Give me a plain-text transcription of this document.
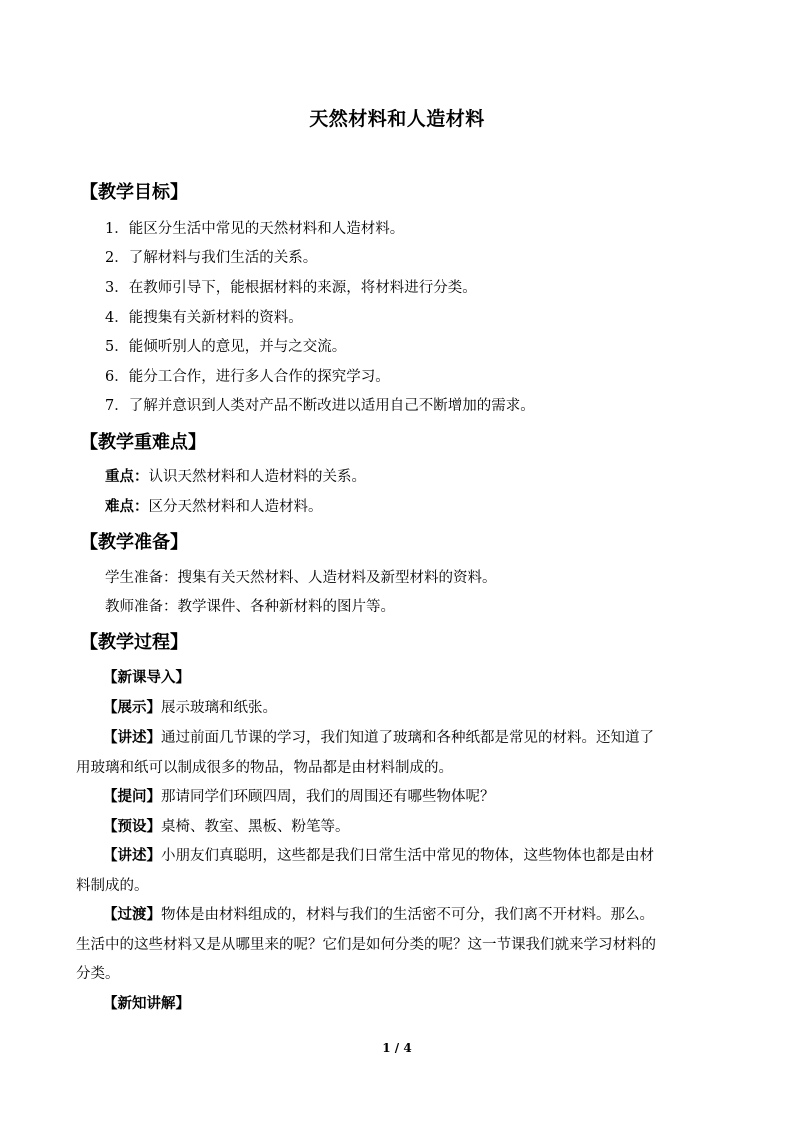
天然材料和人造材料
【教学目标】
1．能区分生活中常见的天然材料和人造材料。
2．了解材料与我们生活的关系。
3．在教师引导下，能根据材料的来源，将材料进行分类。
4．能搜集有关新材料的资料。
5．能倾听别人的意见，并与之交流。
6．能分工合作，进行多人合作的探究学习。
7．了解并意识到人类对产品不断改进以适用自己不断增加的需求。
【教学重难点】
重点：认识天然材料和人造材料的关系。
难点：区分天然材料和人造材料。
【教学准备】
学生准备：搜集有关天然材料、人造材料及新型材料的资料。
教师准备：教学课件、各种新材料的图片等。
【教学过程】
【新课导入】
【展示】展示玻璃和纸张。
【讲述】通过前面几节课的学习，我们知道了玻璃和各种纸都是常见的材料。还知道了
用玻璃和纸可以制成很多的物品，物品都是由材料制成的。
【提问】那请同学们环顾四周，我们的周围还有哪些物体呢？
【预设】桌椅、教室、黑板、粉笔等。
【讲述】小朋友们真聪明，这些都是我们日常生活中常见的物体，这些物体也都是由材
料制成的。
【过渡】物体是由材料组成的，材料与我们的生活密不可分，我们离不开材料。那么。
生活中的这些材料又是从哪里来的呢？它们是如何分类的呢？这一节课我们就来学习材料的
分类。
【新知讲解】
1 / 4
